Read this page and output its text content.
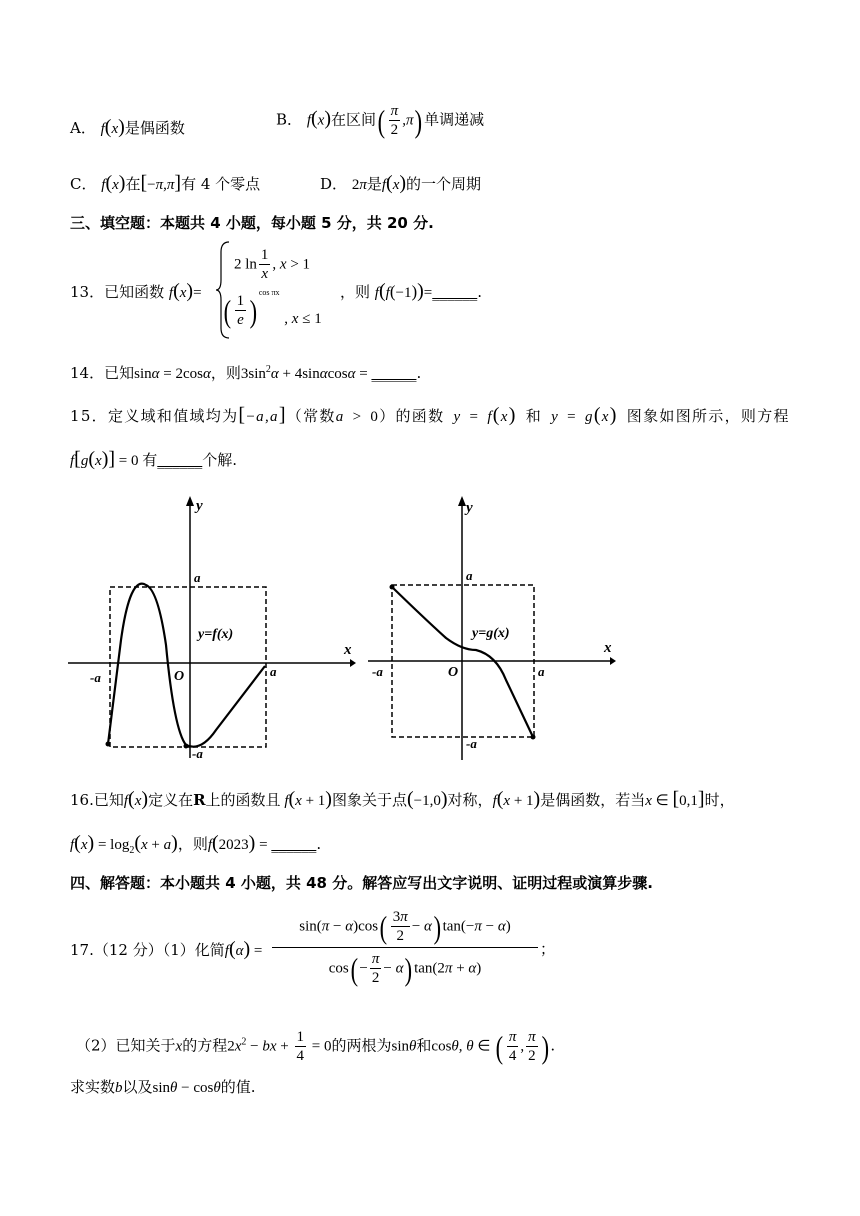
A． f(x)是偶函数	B． f(x)在区间( $\frac{\pi}{2} ,\pi$) 单调递减
C． f(x)在[−π,π]有 4 个零点	D． 2π是f(x)的一个周期
三、填空题：本题共 4 小题，每小题 5 分，共 20 分.
13．已知函数 f(x)=
2 $\ln \frac{1}{x}$ , x > 1
( $\frac{1}{e} )^{cos \pi x}$ , x ≤ 1
，则 f(f(−1))=______.
14．已知sinα = 2cosα，则$3\sin^2\alpha + 4\sin\alpha\cos\alpha$ = ______.
15．定义域和值域均为[−a,a]（常数a > 0）的函数 y = f(x) 和 y = g(x) 图象如图所示，则方程
f[g(x)] = 0 有______个解.
y
x
a
-a	O	a
-a
y=f(x)
y
x
a
-a	O	a
-a
y=g(x)
16.已知f(x)定义在R上的函数且 f(x + 1)图象关于点(−1,0)对称，f(x + 1)是偶函数，若当x ∈ [0,1]时，
$f(x) = \log_2(x + a)$，则f(2023) = ______.
四、解答题：本小题共 4 小题，共 48 分。解答应写出文字说明、证明过程或演算步骤.
17.（12 分）（1）化简f(α) =
$\sin(\pi - \alpha)\cos( \frac{3\pi}{2} - \alpha)$ tan(−π − α)
$\cos( - \frac{\pi}{2} - \alpha)$ tan(2π + α)
；
（2）已知关于x的方程$2x^2$ − bx + $\frac{1}{4} = 0$的两根为sinθ和cosθ, θ ∈ ( $\frac{\pi}{4}$ , $\frac{\pi}{2}$ ) .
求实数b以及sinθ − cosθ的值.
